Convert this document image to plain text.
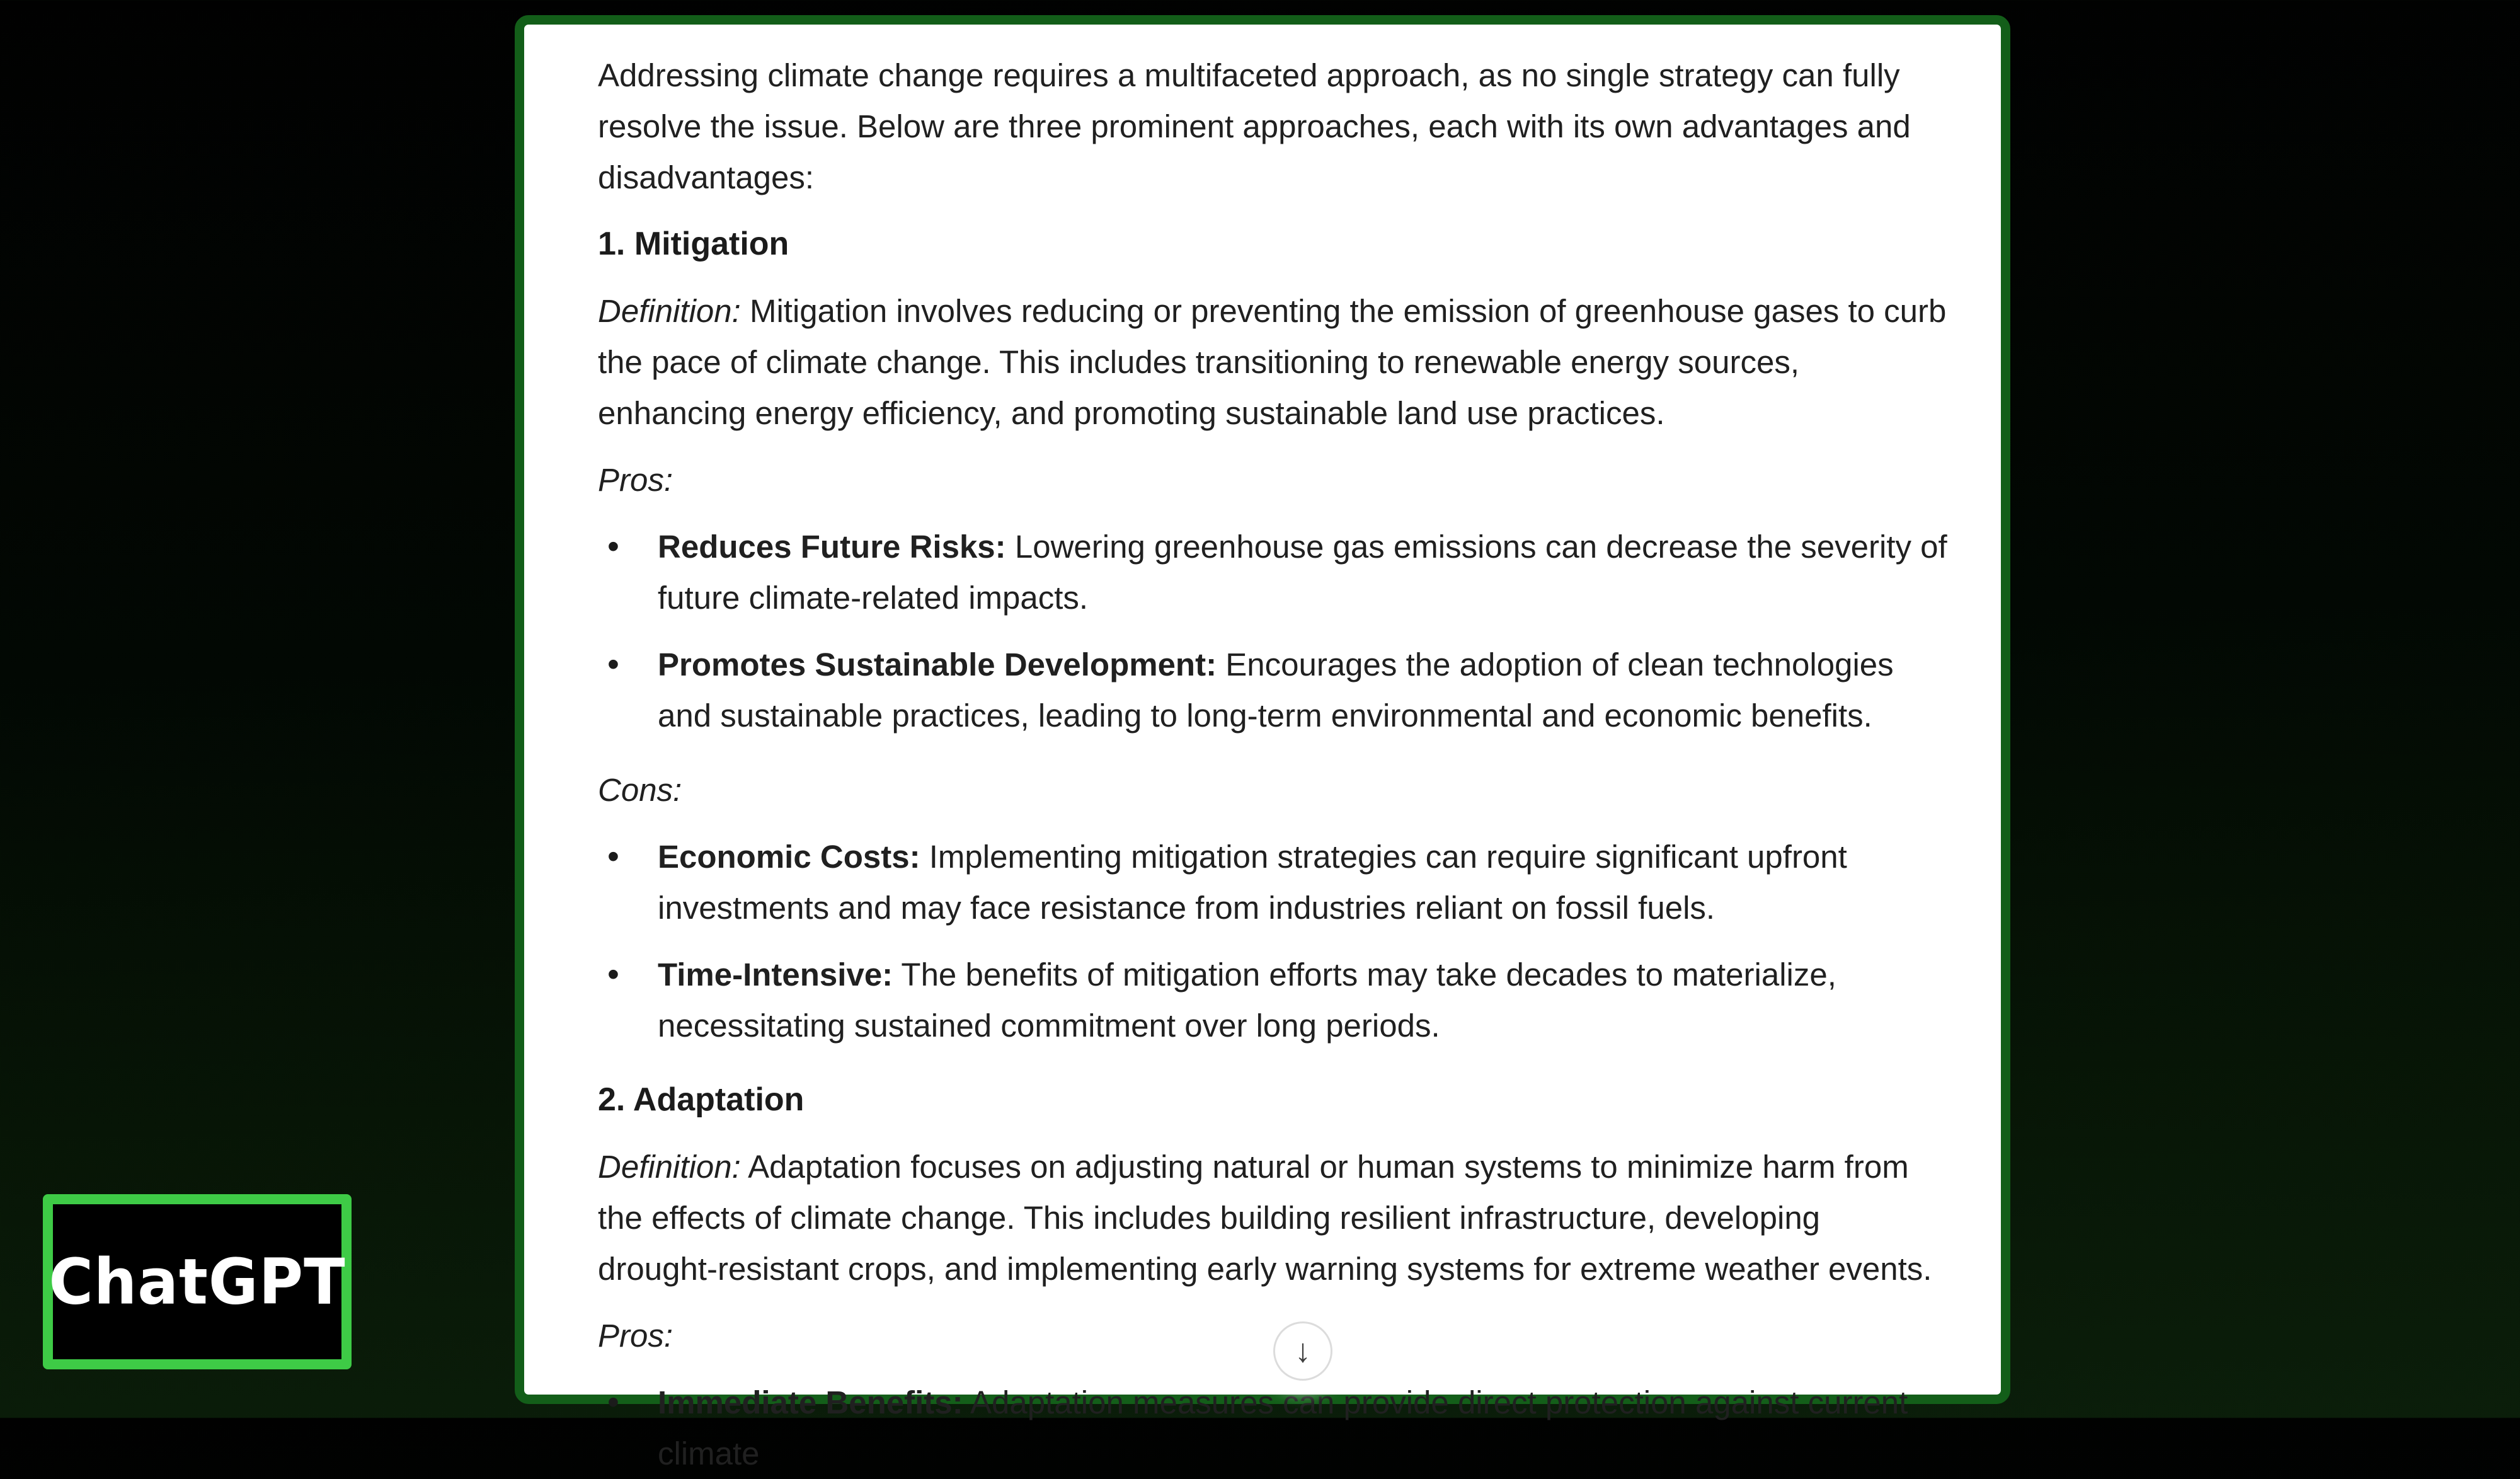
Addressing climate change requires a multifaceted approach, as no single strategy can fully resolve the issue. Below are three prominent approaches, each with its own advantages and disadvantages:

1. Mitigation

Definition: Mitigation involves reducing or preventing the emission of greenhouse gases to curb the pace of climate change. This includes transitioning to renewable energy sources, enhancing energy efficiency, and promoting sustainable land use practices.

Pros:

• Reduces Future Risks: Lowering greenhouse gas emissions can decrease the severity of future climate-related impacts.
• Promotes Sustainable Development: Encourages the adoption of clean technologies and sustainable practices, leading to long-term environmental and economic benefits.

Cons:

• Economic Costs: Implementing mitigation strategies can require significant upfront investments and may face resistance from industries reliant on fossil fuels.
• Time-Intensive: The benefits of mitigation efforts may take decades to materialize, necessitating sustained commitment over long periods.
2. Adaptation

Definition: Adaptation focuses on adjusting natural or human systems to minimize harm from the effects of climate change. This includes building resilient infrastructure, developing drought-resistant crops, and implementing early warning systems for extreme weather events.

Pros:

• Immediate Benefits: Adaptation measures can provide direct protection against current climate
↓
ChatGPT
